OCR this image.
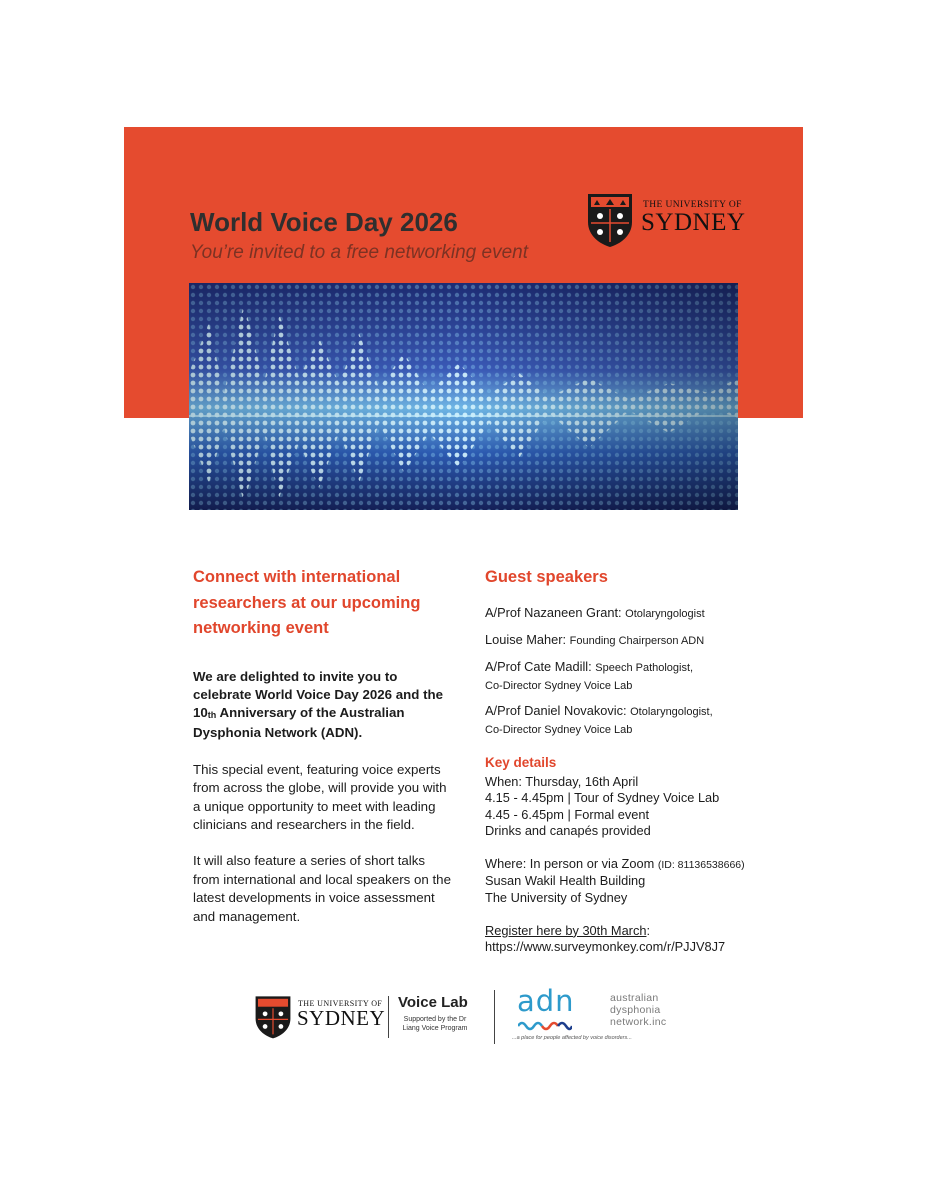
World Voice Day 2026
You’re invited to a free networking event
THE UNIVERSITY OF
SYDNEY

Connect with international researchers at our upcoming networking event

We are delighted to invite you to celebrate World Voice Day 2026 and the $10_{th}$ Anniversary of the Australian Dysphonia Network (ADN).

This special event, featuring voice experts from across the globe, will provide you with a unique opportunity to meet with leading clinicians and researchers in the field.

It will also feature a series of short talks from international and local speakers on the latest developments in voice assessment and management.

Guest speakers

A/Prof Nazaneen Grant: Otolaryngologist
Louise Maher: Founding Chairperson ADN
A/Prof Cate Madill: Speech Pathologist,
Co-Director Sydney Voice Lab
A/Prof Daniel Novakovic: Otolaryngologist,
Co-Director Sydney Voice Lab
Key details
When: Thursday, 16th April
4.15 - 4.45pm | Tour of Sydney Voice Lab
4.45 - 6.45pm | Formal event
Drinks and canapés provided
Where: In person or via Zoom (ID: 81136538666)
Susan Wakil Health Building
The University of Sydney
Register here by 30th March:
https://www.surveymonkey.com/r/PJJV8J7
THE UNIVERSITY OF
SYDNEY
Voice Lab
Supported by the Dr Liang Voice Program
adn	australian
dysphonia
network.inc
...a place for people affected by voice disorders...
